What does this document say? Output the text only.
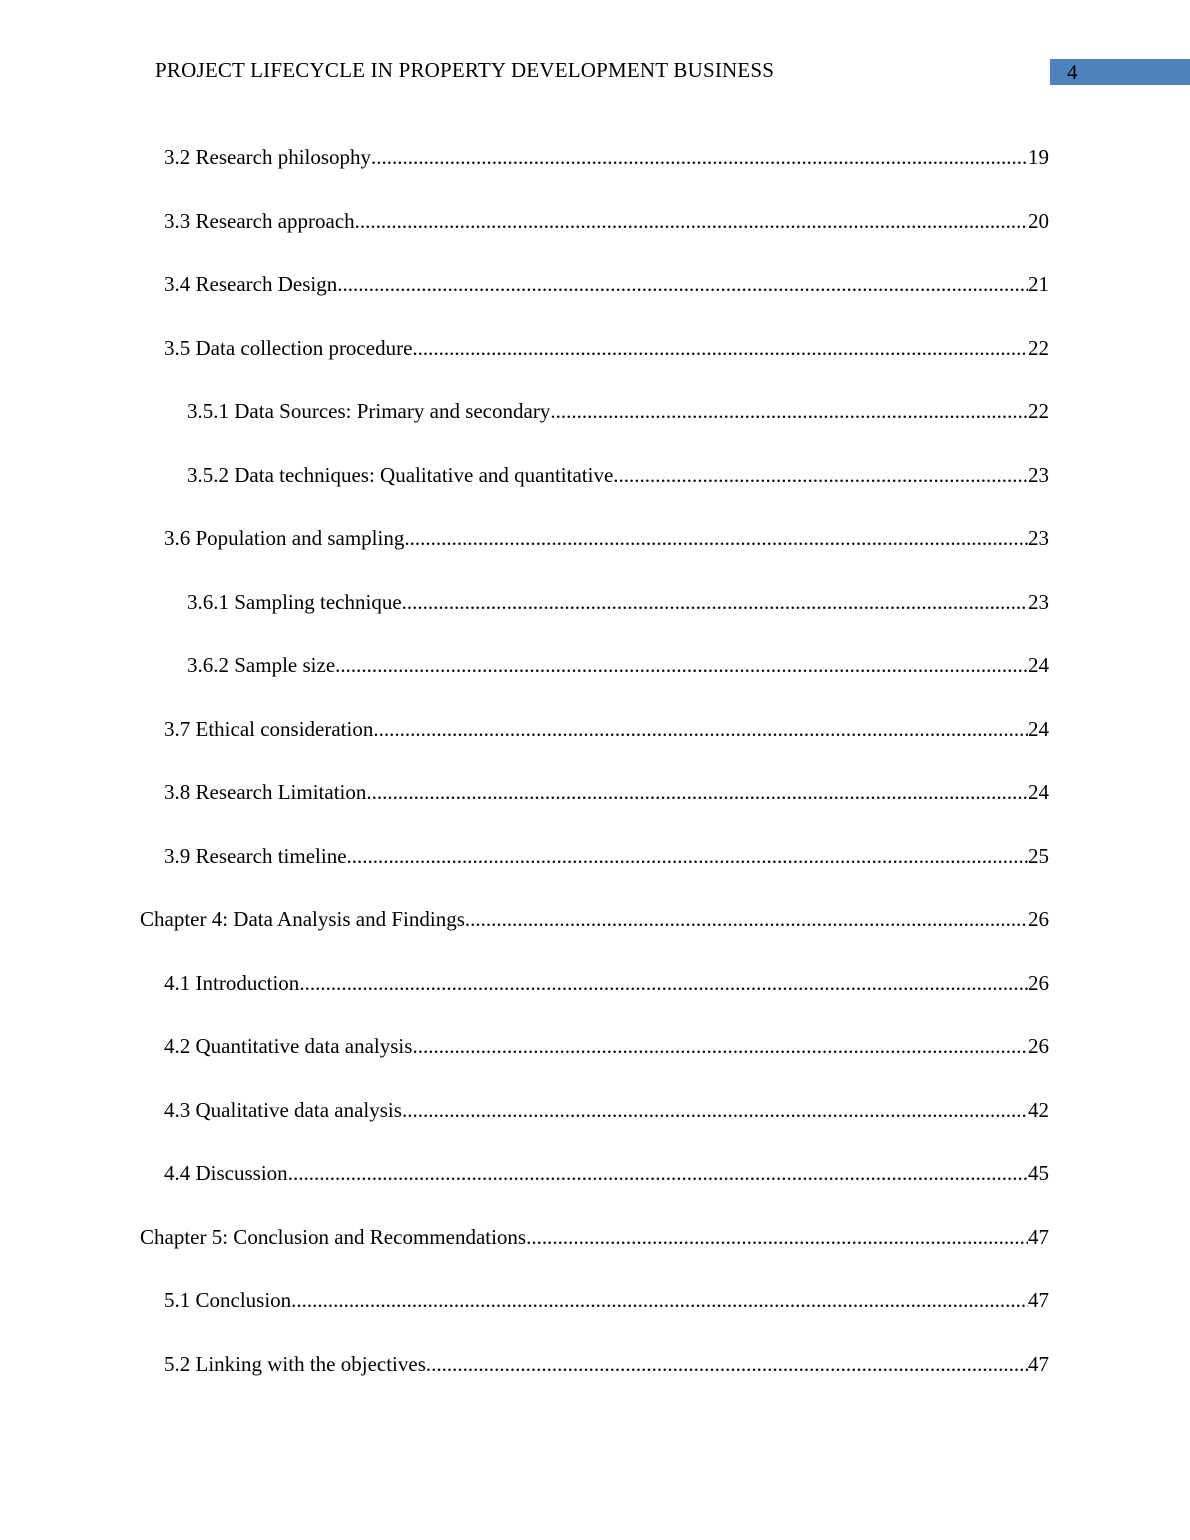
PROJECT LIFECYCLE IN PROPERTY DEVELOPMENT BUSINESS	4
3.2 Research philosophy .....	19
3.3 Research approach .....	20
3.4 Research Design .....	21
3.5 Data collection procedure .....	22
3.5.1 Data Sources: Primary and secondary .....	22
3.5.2 Data techniques: Qualitative and quantitative .....	23
3.6 Population and sampling .....	23
3.6.1 Sampling technique .....	23
3.6.2 Sample size .....	24
3.7 Ethical consideration .....	24
3.8 Research Limitation .....	24
3.9 Research timeline .....	25
Chapter 4: Data Analysis and Findings .....	26
4.1 Introduction .....	26
4.2 Quantitative data analysis .....	26
4.3 Qualitative data analysis .....	42
4.4 Discussion .....	45
Chapter 5: Conclusion and Recommendations .....	47
5.1 Conclusion .....	47
5.2 Linking with the objectives .....	47
